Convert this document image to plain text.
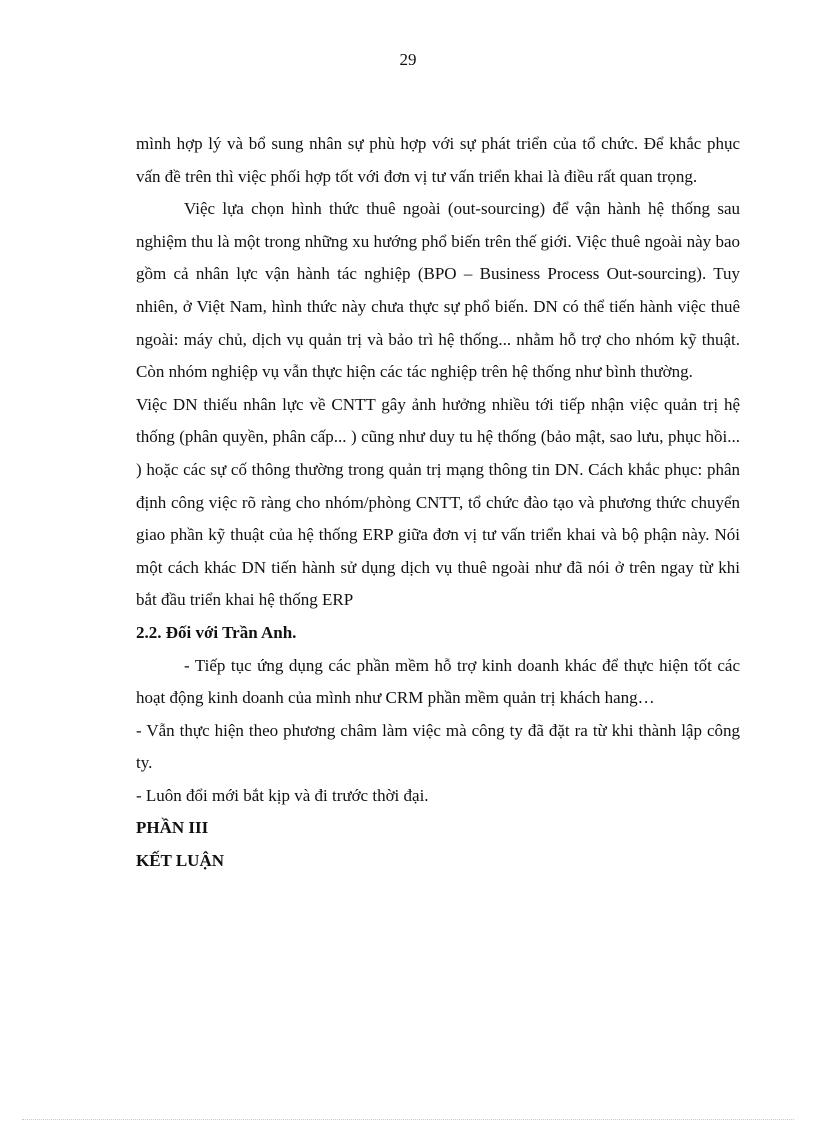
29

mình hợp lý và bổ sung nhân sự phù hợp với sự phát triển của tổ chức. Để khắc phục vấn đề trên thì việc phối hợp tốt với đơn vị tư vấn triển khai là điều rất quan trọng.

Việc lựa chọn hình thức thuê ngoài (out-sourcing) để vận hành hệ thống sau nghiệm thu là một trong những xu hướng phổ biến trên thế giới. Việc thuê ngoài này bao gồm cả nhân lực vận hành tác nghiệp (BPO – Business Process Out-sourcing). Tuy nhiên, ở Việt Nam, hình thức này chưa thực sự phổ biến. DN có thể tiến hành việc thuê ngoài: máy chủ, dịch vụ quản trị và bảo trì hệ thống... nhằm hỗ trợ cho nhóm kỹ thuật. Còn nhóm nghiệp vụ vẫn thực hiện các tác nghiệp trên hệ thống như bình thường.

Việc DN thiếu nhân lực về CNTT gây ảnh hưởng nhiều tới tiếp nhận việc quản trị hệ thống (phân quyền, phân cấp... ) cũng như duy tu hệ thống (bảo mật, sao lưu, phục hồi... ) hoặc các sự cố thông thường trong quản trị mạng thông tin DN. Cách khắc phục: phân định công việc rõ ràng cho nhóm/phòng CNTT, tổ chức đào tạo và phương thức chuyển giao phần kỹ thuật của hệ thống ERP giữa đơn vị tư vấn triển khai và bộ phận này. Nói một cách khác DN tiến hành sử dụng dịch vụ thuê ngoài như đã nói ở trên ngay từ khi bắt đầu triển khai hệ thống ERP

2.2. Đối với Trần Anh.

- Tiếp tục ứng dụng các phần mềm hỗ trợ kinh doanh khác để thực hiện tốt các hoạt động kinh doanh của mình như CRM phần mềm quản trị khách hang…

- Vẫn thực hiện theo phương châm làm việc mà công ty đã đặt ra từ khi thành lập công ty.

- Luôn đổi mới bắt kịp và đi trước thời đại.

PHẦN III

KẾT LUẬN
